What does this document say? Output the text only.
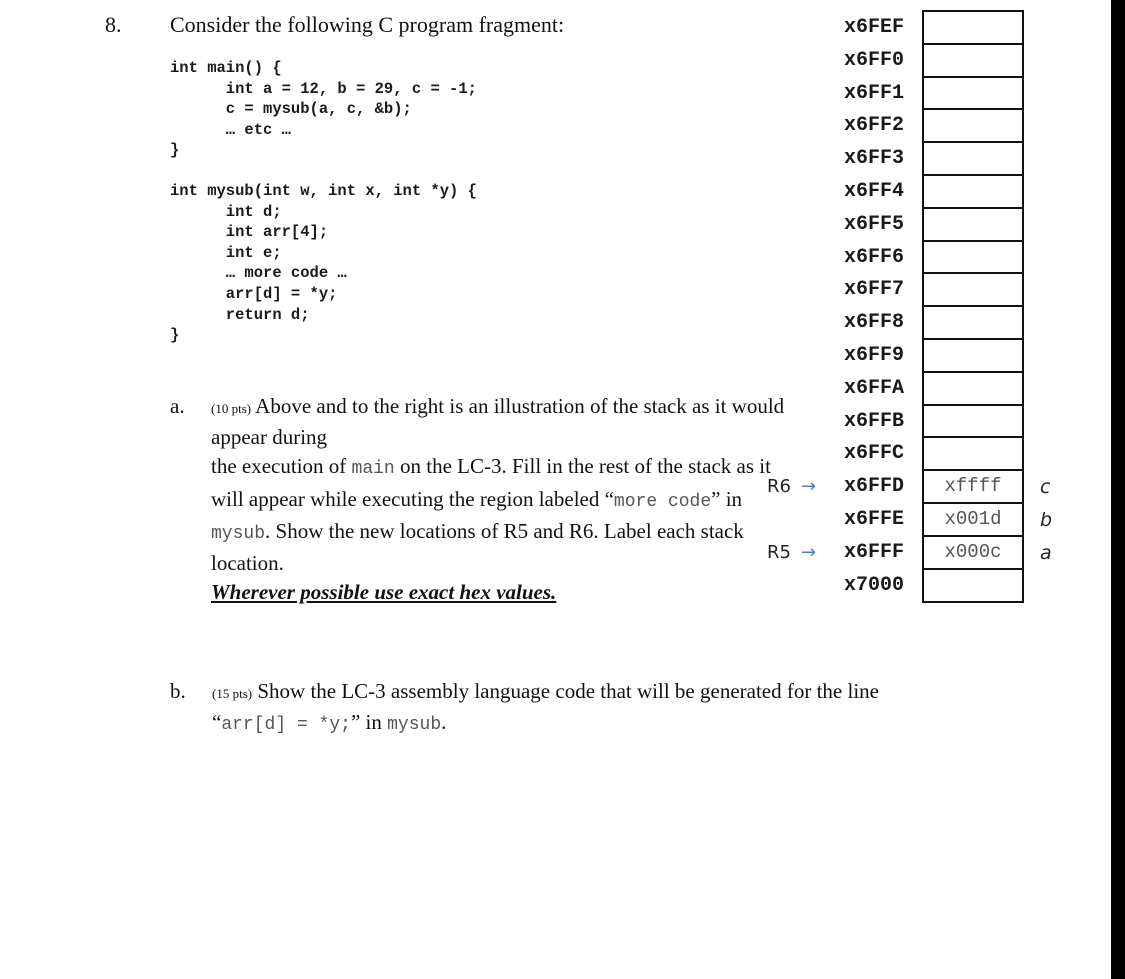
8. Consider the following C program fragment:
int main() {
int a = 12, b = 29, c = -1;
c = mysub(a, c, &b);
… etc …
}
int mysub(int w, int x, int *y) {
int d;
int arr[4];
int e;
… more code …
arr[d] = *y;
return d;
}
a. (10 pts) Above and to the right is an illustration of the stack as it would appear during
the execution of main on the LC-3. Fill in the rest of the stack as it will appear while executing the region labeled “more code” in mysub. Show the new locations of R5 and R6. Label each stack location.
Wherever possible use exact hex values.
b. (15 pts) Show the LC-3 assembly language code that will be generated for the line
“arr[d] = *y;” in mysub.
x6FEF
x6FF0
x6FF1
x6FF2
x6FF3
x6FF4
x6FF5
x6FF6
x6FF7
x6FF8
x6FF9
x6FFA
x6FFB
x6FFC
x6FFD	xffff	c
R6 →
x6FFE	x001d	b
x6FFF	x000c	a
R5 →
x7000
